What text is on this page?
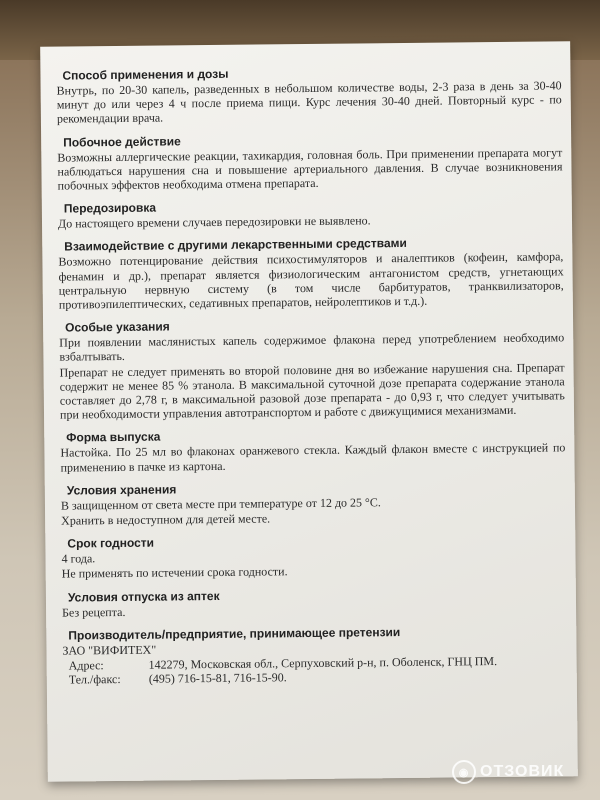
Способ применения и дозы

Внутрь, по 20-30 капель, разведенных в небольшом количестве воды, 2-3 раза в день за 30-40 минут до или через 4 ч после приема пищи. Курс лечения 30-40 дней. Повторный курс - по рекомендации врача.

Побочное действие

Возможны аллергические реакции, тахикардия, головная боль. При применении препарата могут наблюдаться нарушения сна и повышение артериального давления. В случае возникновения побочных эффектов необходима отмена препарата.

Передозировка

До настоящего времени случаев передозировки не выявлено.

Взаимодействие с другими лекарственными средствами

Возможно потенцирование действия психостимуляторов и аналептиков (кофеин, камфора, фенамин и др.), препарат является физиологическим антагонистом средств, угнетающих центральную нервную систему (в том числе барбитуратов, транквилизаторов, противоэпилептических, седативных препаратов, нейролептиков и т.д.).

Особые указания

При появлении маслянистых капель содержимое флакона перед употреблением необходимо взбалтывать.

Препарат не следует применять во второй половине дня во избежание нарушения сна. Препарат содержит не менее 85 % этанола. В максимальной суточной дозе препарата содержание этанола составляет до 2,78 г, в максимальной разовой дозе препарата - до 0,93 г, что следует учитывать при необходимости управления автотранспортом и работе с движущимися механизмами.

Форма выпуска

Настойка. По 25 мл во флаконах оранжевого стекла. Каждый флакон вместе с инструкцией по применению в пачке из картона.

Условия хранения

В защищенном от света месте при температуре от 12 до 25 °С.

Хранить в недоступном для детей месте.

Срок годности

4 года.

Не применять по истечении срока годности.

Условия отпуска из аптек

Без рецепта.

Производитель/предприятие, принимающее претензии

ЗАО "ВИФИТЕХ"

Адрес:	142279, Московская обл., Серпуховский р-н, п. Оболенск, ГНЦ ПМ.
Тел./факс:	(495) 716-15-81, 716-15-90.
◉ ОТЗОВИК
